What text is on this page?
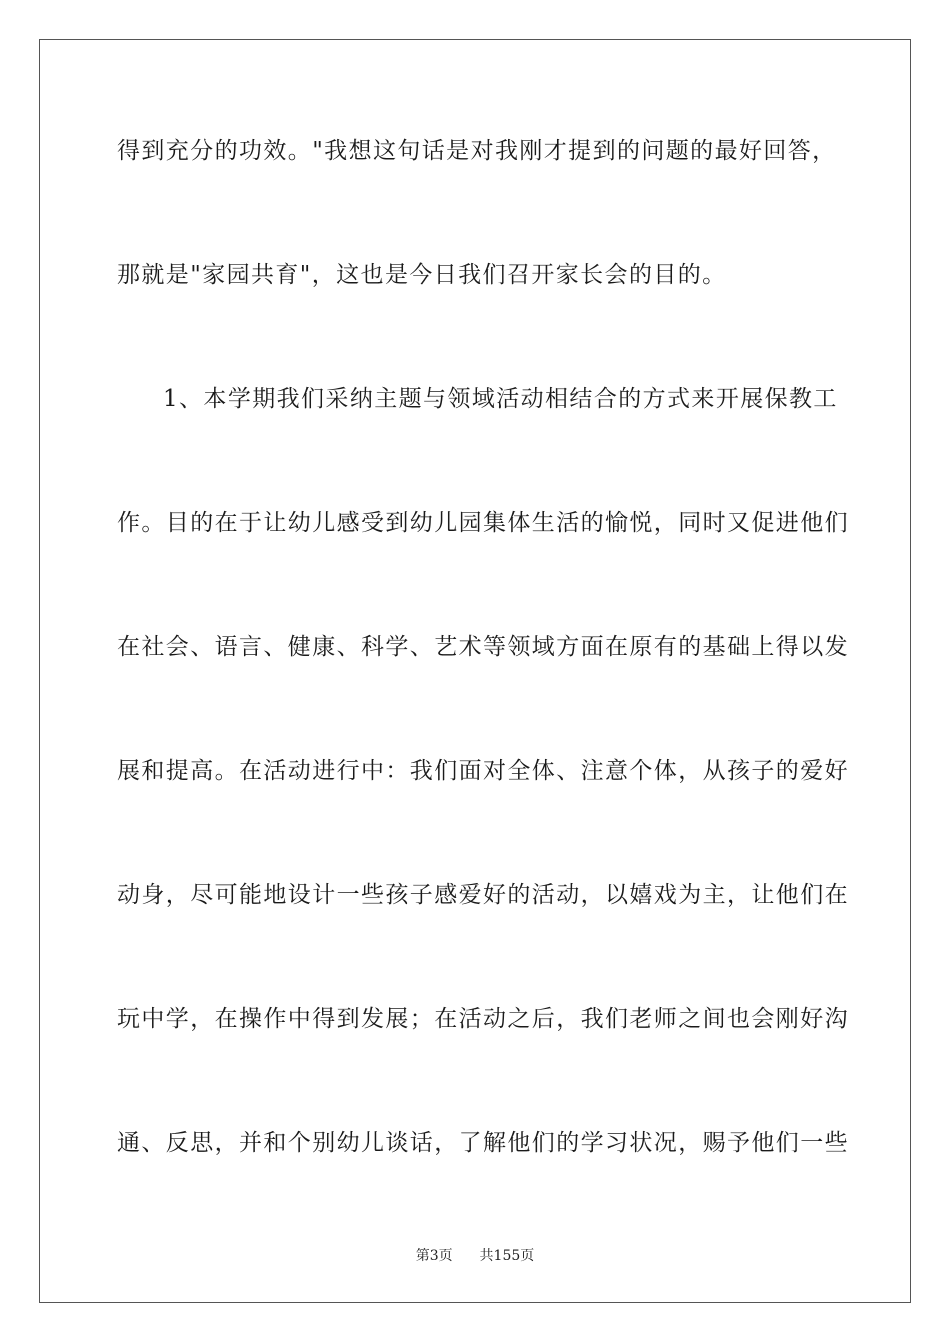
得到充分的功效。"我想这句话是对我刚才提到的问题的最好回答，
那就是"家园共育"，这也是今日我们召开家长会的目的。
1、本学期我们采纳主题与领域活动相结合的方式来开展保教工
作。目的在于让幼儿感受到幼儿园集体生活的愉悦，同时又促进他们
在社会、语言、健康、科学、艺术等领域方面在原有的基础上得以发
展和提高。在活动进行中：我们面对全体、注意个体，从孩子的爱好
动身，尽可能地设计一些孩子感爱好的活动，以嬉戏为主，让他们在
玩中学，在操作中得到发展；在活动之后，我们老师之间也会刚好沟
通、反思，并和个别幼儿谈话，了解他们的学习状况，赐予他们一些
第3页 共155页
